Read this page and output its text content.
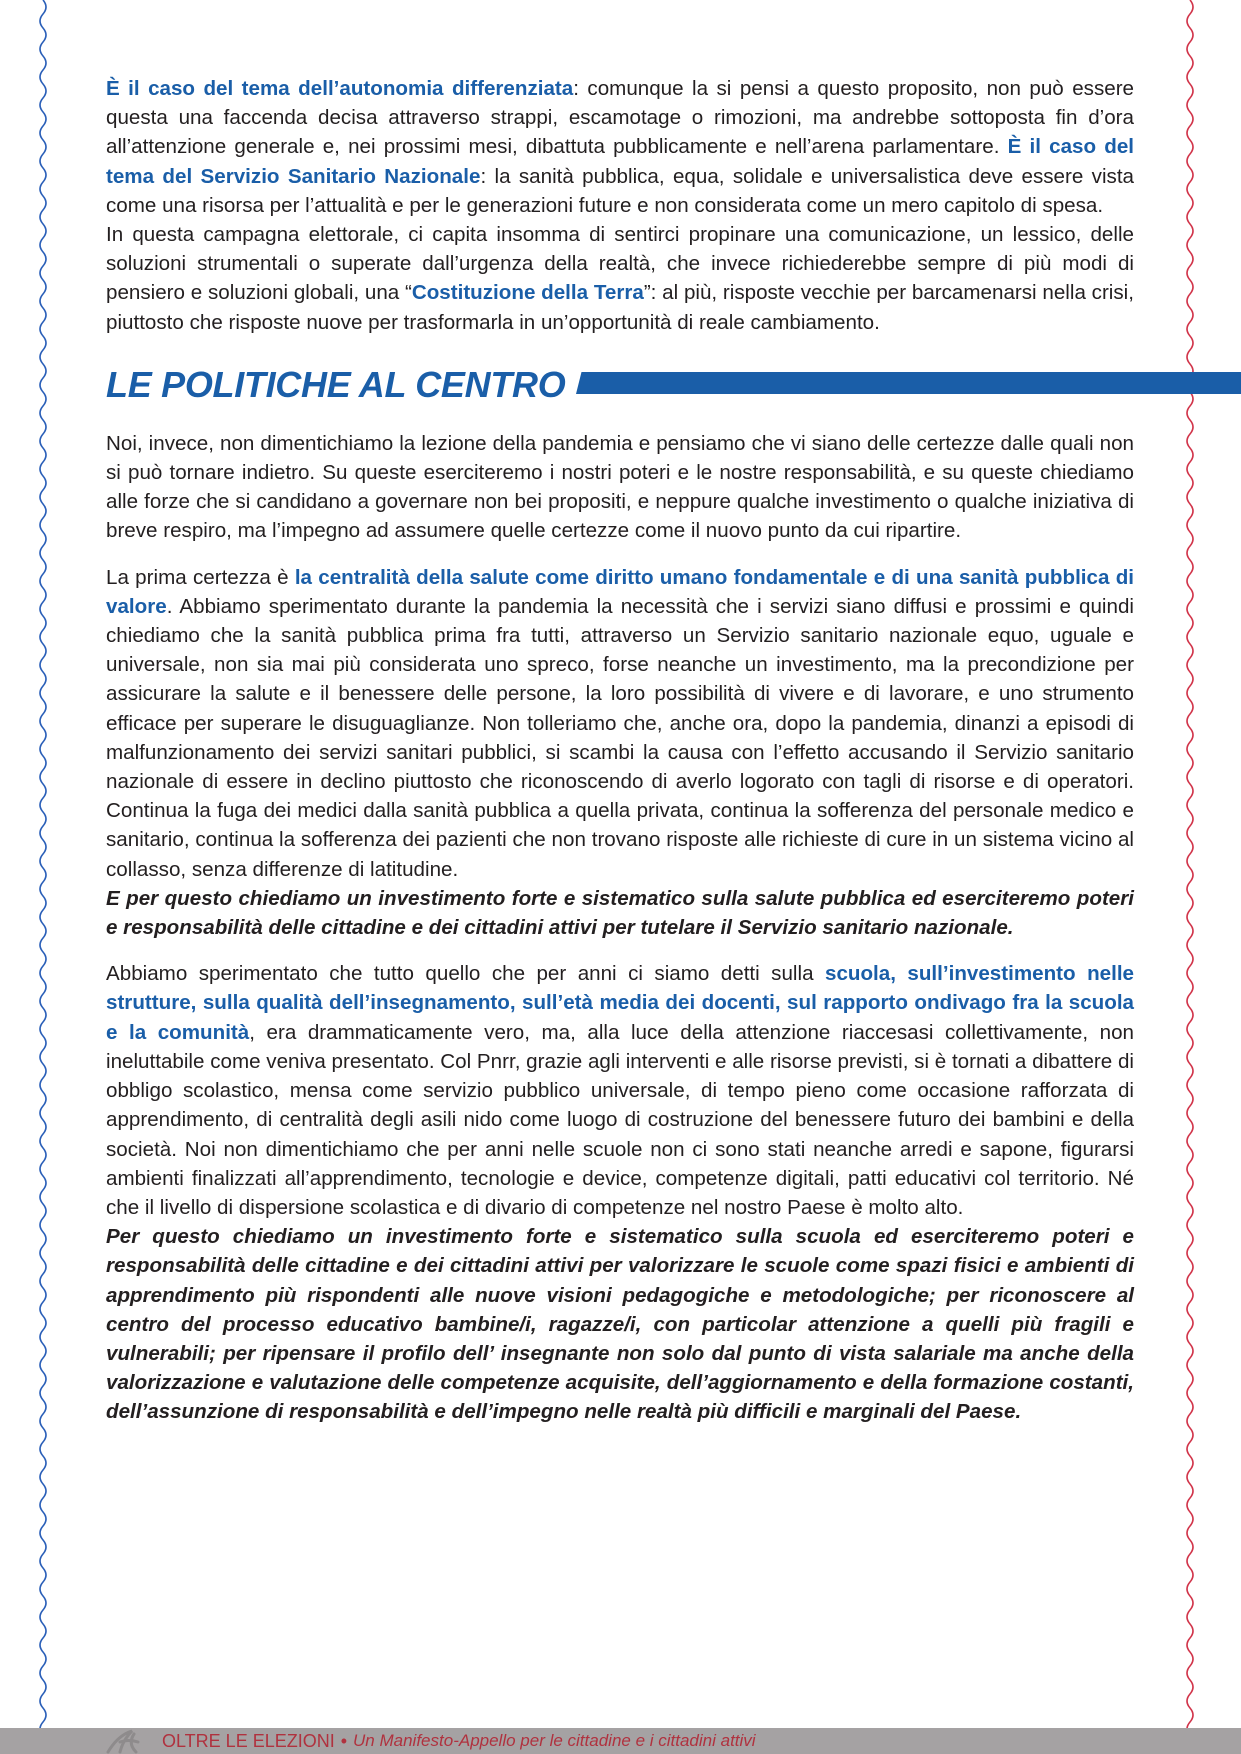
È il caso del tema dell’autonomia differenziata: comunque la si pensi a questo proposito, non può essere questa una faccenda decisa attraverso strappi, escamotage o rimozioni, ma andrebbe sottoposta fin d’ora all’attenzione generale e, nei prossimi mesi, dibattuta pubblicamente e nell’arena parlamentare. È il caso del tema del Servizio Sanitario Nazionale: la sanità pubblica, equa, solidale e universalistica deve essere vista come una risorsa per l’attualità e per le generazioni future e non considerata come un mero capitolo di spesa.

In questa campagna elettorale, ci capita insomma di sentirci propinare una comunicazione, un lessico, delle soluzioni strumentali o superate dall’urgenza della realtà, che invece richiederebbe sempre di più modi di pensiero e soluzioni globali, una “Costituzione della Terra”: al più, risposte vecchie per barcamenarsi nella crisi, piuttosto che risposte nuove per trasformarla in un’opportunità di reale cambiamento.

LE POLITICHE AL CENTRO

Noi, invece, non dimentichiamo la lezione della pandemia e pensiamo che vi siano delle certezze dalle quali non si può tornare indietro. Su queste eserciteremo i nostri poteri e le nostre responsabilità, e su queste chiediamo alle forze che si candidano a governare non bei propositi, e neppure qualche investimento o qualche iniziativa di breve respiro, ma l’impegno ad assumere quelle certezze come il nuovo punto da cui ripartire.

La prima certezza è la centralità della salute come diritto umano fondamentale e di una sanità pubblica di valore. Abbiamo sperimentato durante la pandemia la necessità che i servizi siano diffusi e prossimi e quindi chiediamo che la sanità pubblica prima fra tutti, attraverso un Servizio sanitario nazionale equo, uguale e universale, non sia mai più considerata uno spreco, forse neanche un investimento, ma la precondizione per assicurare la salute e il benessere delle persone, la loro possibilità di vivere e di lavorare, e uno strumento efficace per superare le disuguaglianze. Non tolleriamo che, anche ora, dopo la pandemia, dinanzi a episodi di malfunzionamento dei servizi sanitari pubblici, si scambi la causa con l’effetto accusando il Servizio sanitario nazionale di essere in declino piuttosto che riconoscendo di averlo logorato con tagli di risorse e di operatori. Continua la fuga dei medici dalla sanità pubblica a quella privata, continua la sofferenza del personale medico e sanitario, continua la sofferenza dei pazienti che non trovano risposte alle richieste di cure in un sistema vicino al collasso, senza differenze di latitudine.

E per questo chiediamo un investimento forte e sistematico sulla salute pubblica ed eserciteremo poteri e responsabilità delle cittadine e dei cittadini attivi per tutelare il Servizio sanitario nazionale.

Abbiamo sperimentato che tutto quello che per anni ci siamo detti sulla scuola, sull’investimento nelle strutture, sulla qualità dell’insegnamento, sull’età media dei docenti, sul rapporto ondivago fra la scuola e la comunità, era drammaticamente vero, ma, alla luce della attenzione riaccesasi collettivamente, non ineluttabile come veniva presentato. Col Pnrr, grazie agli interventi e alle risorse previsti, si è tornati a dibattere di obbligo scolastico, mensa come servizio pubblico universale, di tempo pieno come occasione rafforzata di apprendimento, di centralità degli asili nido come luogo di costruzione del benessere futuro dei bambini e della società. Noi non dimentichiamo che per anni nelle scuole non ci sono stati neanche arredi e sapone, figurarsi ambienti finalizzati all’apprendimento, tecnologie e device, competenze digitali, patti educativi col territorio. Né che il livello di dispersione scolastica e di divario di competenze nel nostro Paese è molto alto.

Per questo chiediamo un investimento forte e sistematico sulla scuola ed eserciteremo poteri e responsabilità delle cittadine e dei cittadini attivi per valorizzare le scuole come spazi fisici e ambienti di apprendimento più rispondenti alle nuove visioni pedagogiche e metodologiche; per riconoscere al centro del processo educativo bambine/i, ragazze/i, con particolar attenzione a quelli più fragili e vulnerabili; per ripensare il profilo dell’ insegnante non solo dal punto di vista salariale ma anche della valorizzazione e valutazione delle competenze acquisite, dell’aggiornamento e della formazione costanti, dell’assunzione di responsabilità e dell’impegno nelle realtà più difficili e marginali del Paese.

OLTRE LE ELEZIONI • Un Manifesto-Appello per le cittadine e i cittadini attivi
